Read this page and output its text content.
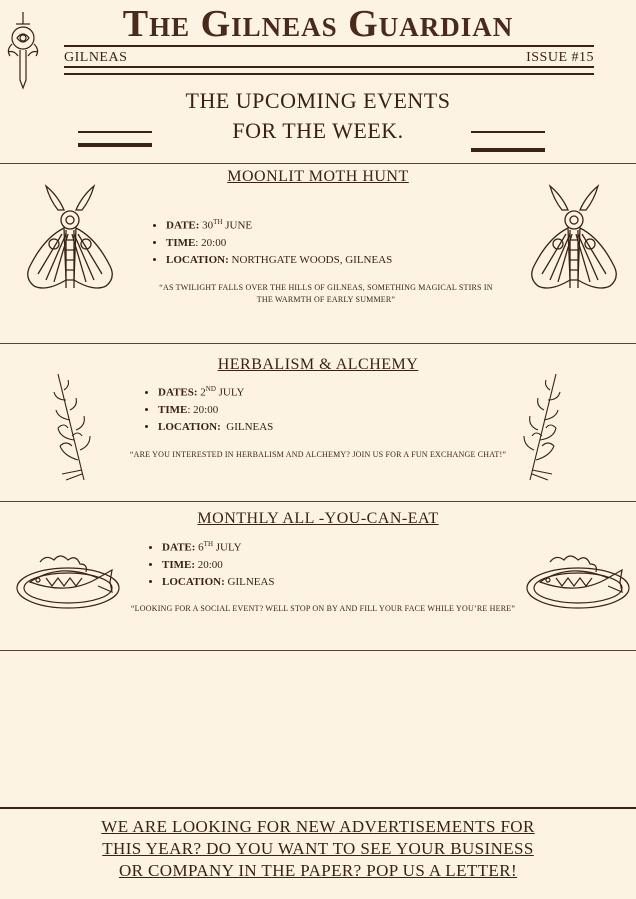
The Gilneas Guardian
GILNEAS	ISSUE #15
THE UPCOMING EVENTS
FOR THE WEEK.
MOONLIT MOTH HUNT
• DATE: 30TH JUNE
• TIME: 20:00
• LOCATION: NORTHGATE WOODS, GILNEAS
“AS TWILIGHT FALLS OVER THE HILLS OF GILNEAS, SOMETHING MAGICAL STIRS IN THE WARMTH OF EARLY SUMMER”
HERBALISM & ALCHEMY
• DATES: 2ND JULY
• TIME: 20:00
• LOCATION: GILNEAS
“ARE YOU INTERESTED IN HERBALISM AND ALCHEMY? JOIN US FOR A FUN EXCHANGE CHAT!”
MONTHLY ALL -YOU-CAN-EAT
• DATE: 6TH JULY
• TIME: 20:00
• LOCATION: GILNEAS
“LOOKING FOR A SOCIAL EVENT? WELL STOP ON BY AND FILL YOUR FACE WHILE YOU’RE HERE”
WE ARE LOOKING FOR NEW ADVERTISEMENTS FOR
THIS YEAR? DO YOU WANT TO SEE YOUR BUSINESS
OR COMPANY IN THE PAPER? POP US A LETTER!
